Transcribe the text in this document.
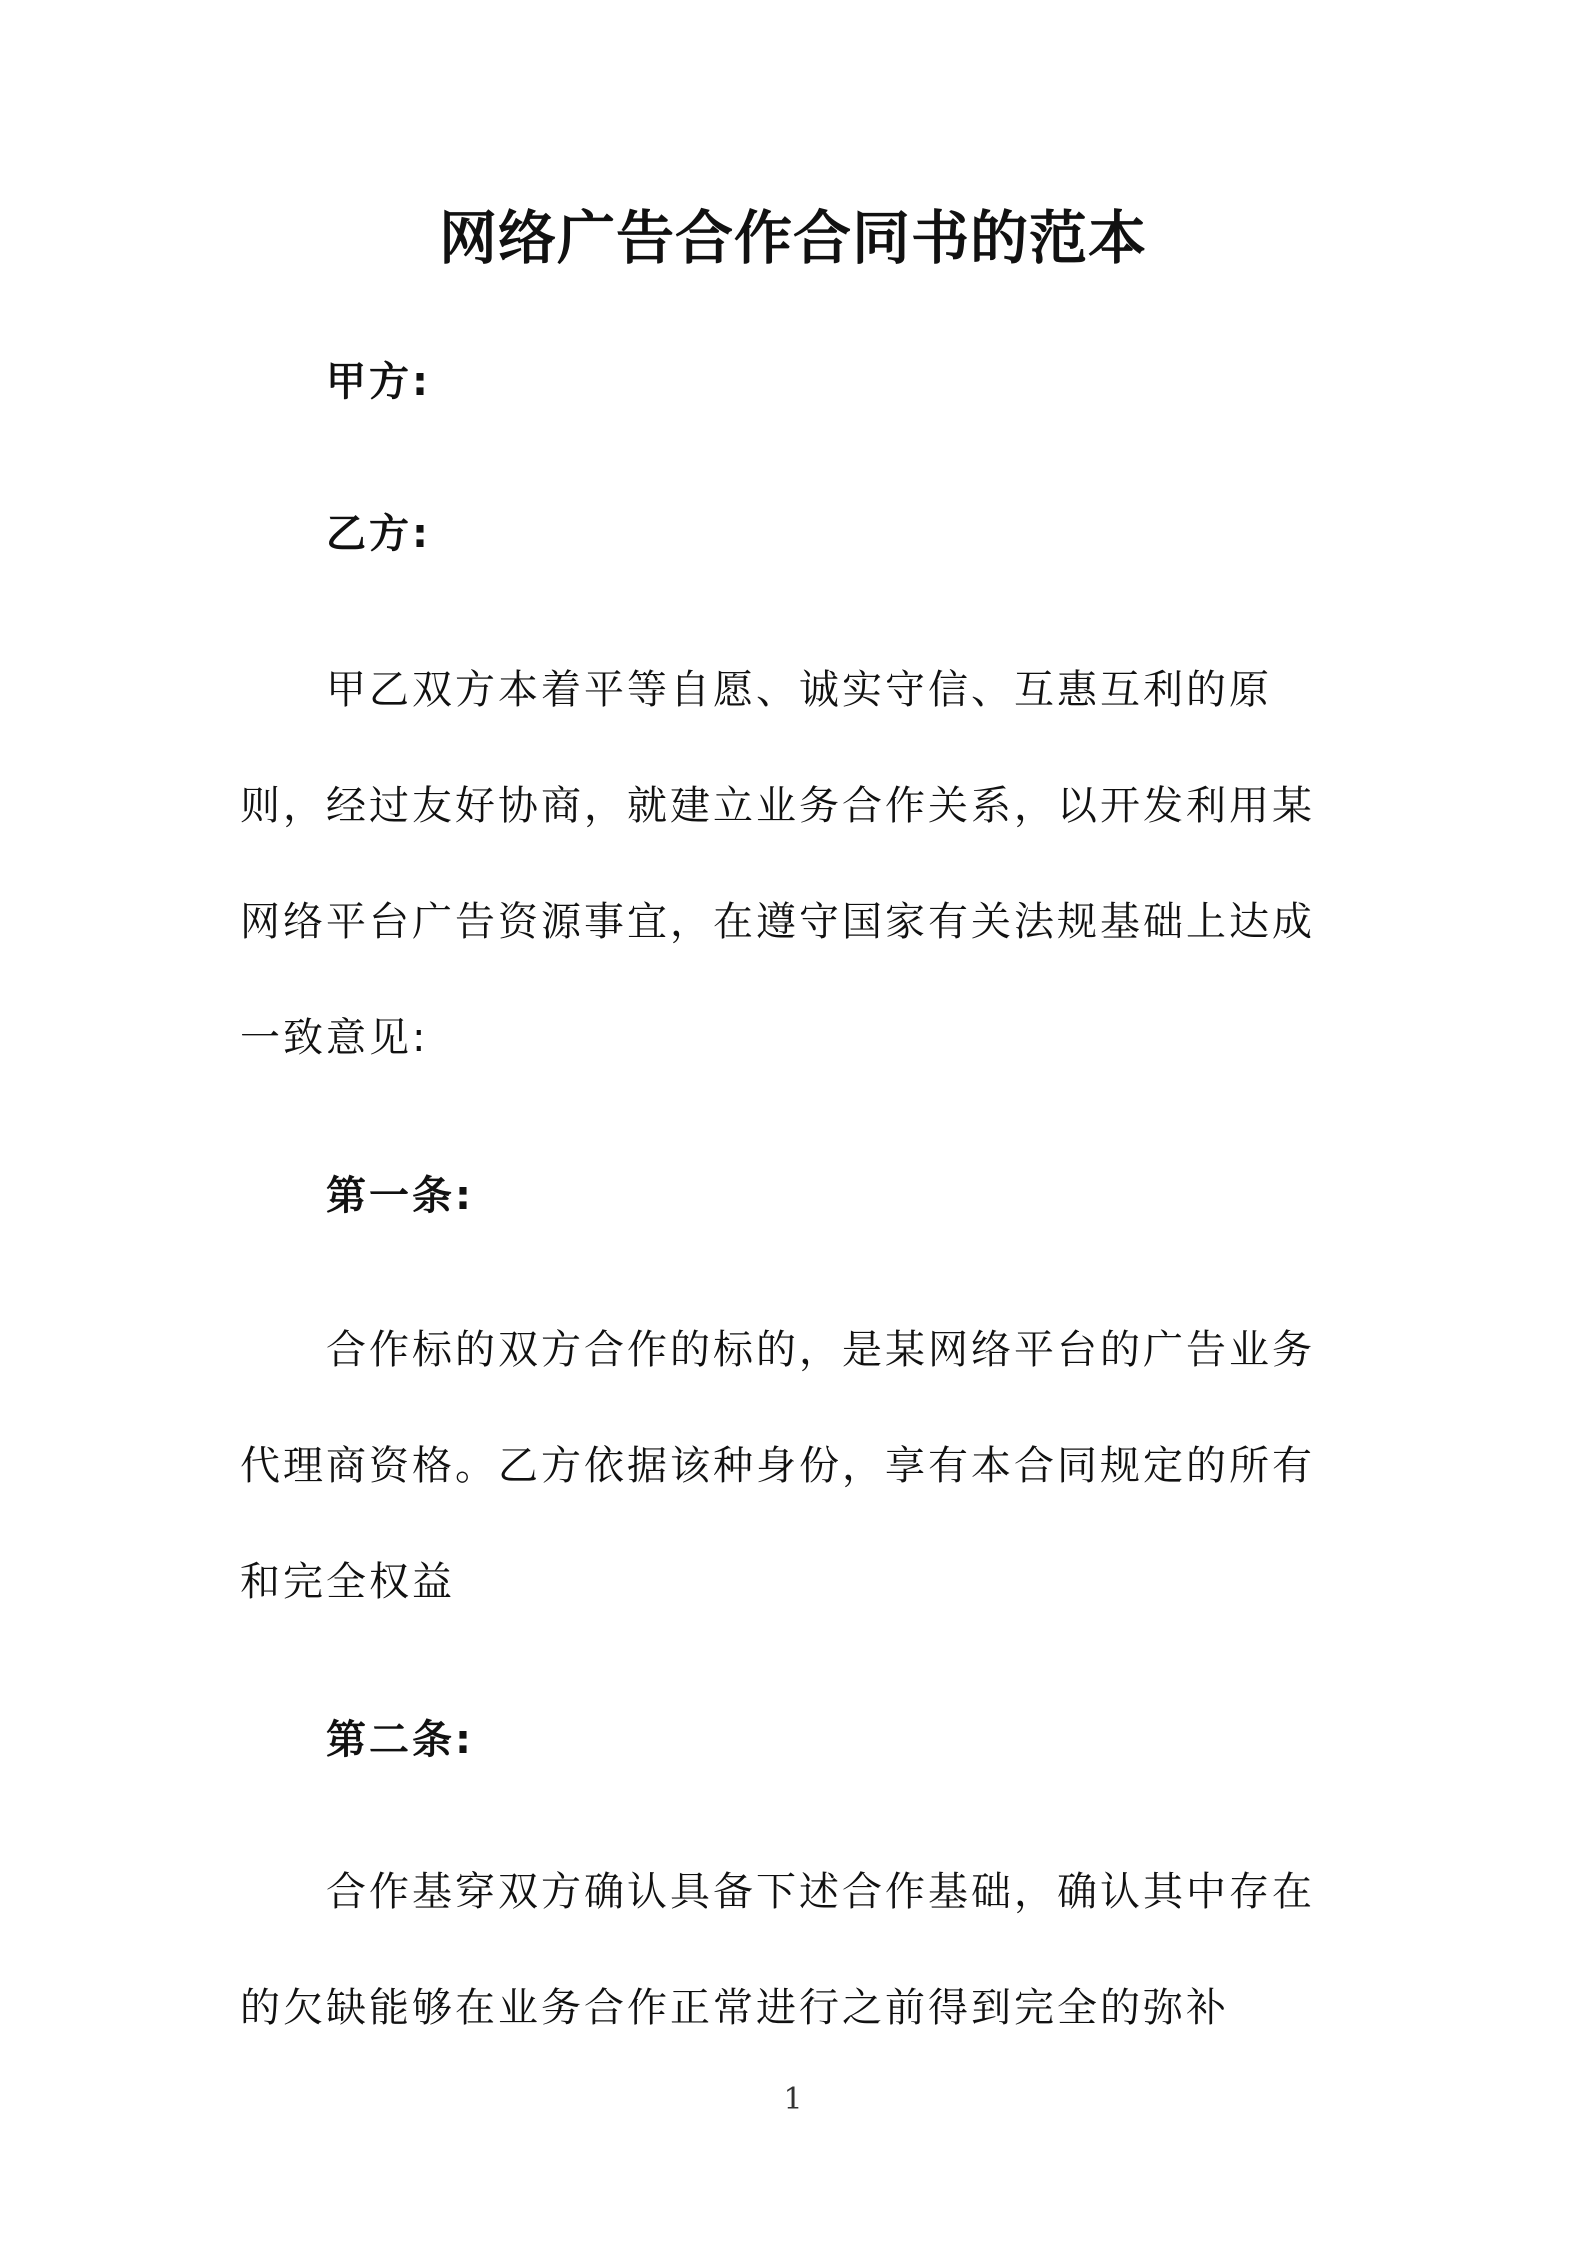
网络广告合作合同书的范本
甲方:
乙方:
甲乙双方本着平等自愿、诚实守信、互惠互利的原
则，经过友好协商，就建立业务合作关系，以开发利用某
网络平台广告资源事宜，在遵守国家有关法规基础上达成
一致意见:
第一条:
合作标的双方合作的标的，是某网络平台的广告业务
代理商资格。乙方依据该种身份，享有本合同规定的所有
和完全权益
第二条:
合作基穿双方确认具备下述合作基础，确认其中存在
的欠缺能够在业务合作正常进行之前得到完全的弥补
1
